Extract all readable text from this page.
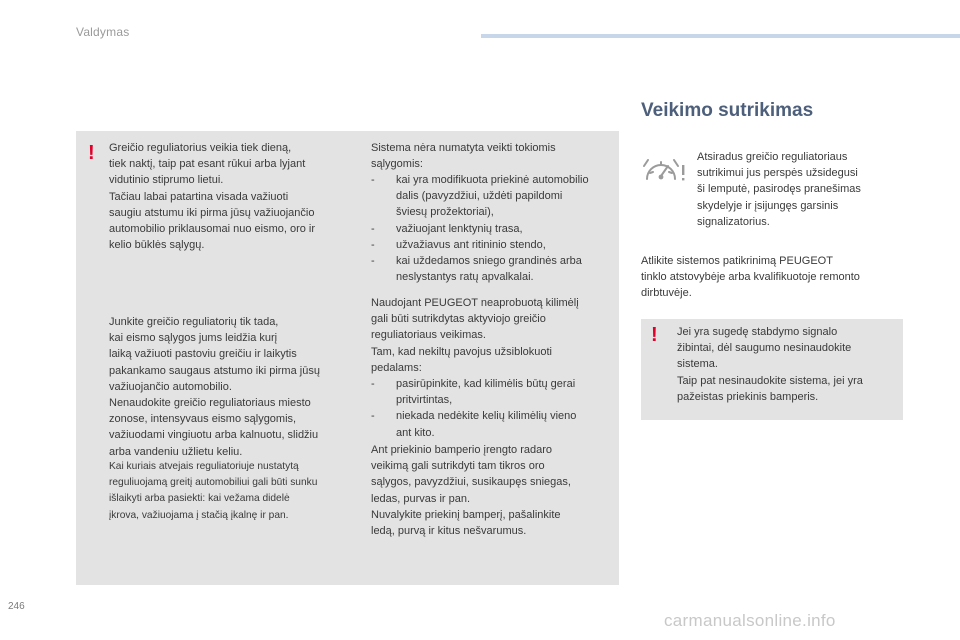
Valdymas
! Greičio reguliatorius veikia tiek dieną,
tiek naktį, taip pat esant rūkui arba lyjant
vidutinio stiprumo lietui.
Tačiau labai patartina visada važiuoti
saugiu atstumu iki pirma jūsų važiuojančio
automobilio priklausomai nuo eismo, oro ir
kelio būklės sąlygų.

Junkite greičio reguliatorių tik tada,
kai eismo sąlygos jums leidžia kurį
laiką važiuoti pastoviu greičiu ir laikytis
pakankamo saugaus atstumo iki pirma jūsų
važiuojančio automobilio.
Nenaudokite greičio reguliatoriaus miesto
zonose, intensyvaus eismo sąlygomis,
važiuodami vingiuotu arba kalnuotu, slidžiu
arba vandeniu užlietu keliu.

Kai kuriais atvejais reguliatoriuje nustatytą
reguliuojamą greitį automobiliui gali būti sunku
išlaikyti arba pasiekti: kai vežama didelė
įkrova, važiuojama į stačią įkalnę ir pan.

Sistema nėra numatyta veikti tokiomis
sąlygomis:

- kai yra modifikuota priekinė automobilio
dalis (pavyzdžiui, uždėti papildomi
šviesų prožektoriai),
- važiuojant lenktynių trasa,
- užvažiavus ant ritininio stendo,
- kai uždedamos sniego grandinės arba
neslystantys ratų apvalkalai.

Naudojant PEUGEOT neaprobuotą kilimėlį
gali būti sutrikdytas aktyviojo greičio
reguliatoriaus veikimas.
Tam, kad nekiltų pavojus užsiblokuoti
pedalams:

- pasirūpinkite, kad kilimėlis būtų gerai
pritvirtintas,
- niekada nedėkite kelių kilimėlių vieno
ant kito.

Ant priekinio bamperio įrengto radaro
veikimą gali sutrikdyti tam tikros oro
sąlygos, pavyzdžiui, susikaupęs sniegas,
ledas, purvas ir pan.
Nuvalykite priekinį bamperį, pašalinkite
ledą, purvą ir kitus nešvarumus.

Veikimo sutrikimas

Atsiradus greičio reguliatoriaus
sutrikimui jus perspės užsidegusi
ši lemputė, pasirodęs pranešimas
skydelyje ir įsijungęs garsinis
signalizatorius.

Atlikite sistemos patikrinimą PEUGEOT
tinklo atstovybėje arba kvalifikuotoje remonto
dirbtuvėje.

! Jei yra sugedę stabdymo signalo
žibintai, dėl saugumo nesinaudokite
sistema.
Taip pat nesinaudokite sistema, jei yra
pažeistas priekinis bamperis.

246
carmanualsonline.info
